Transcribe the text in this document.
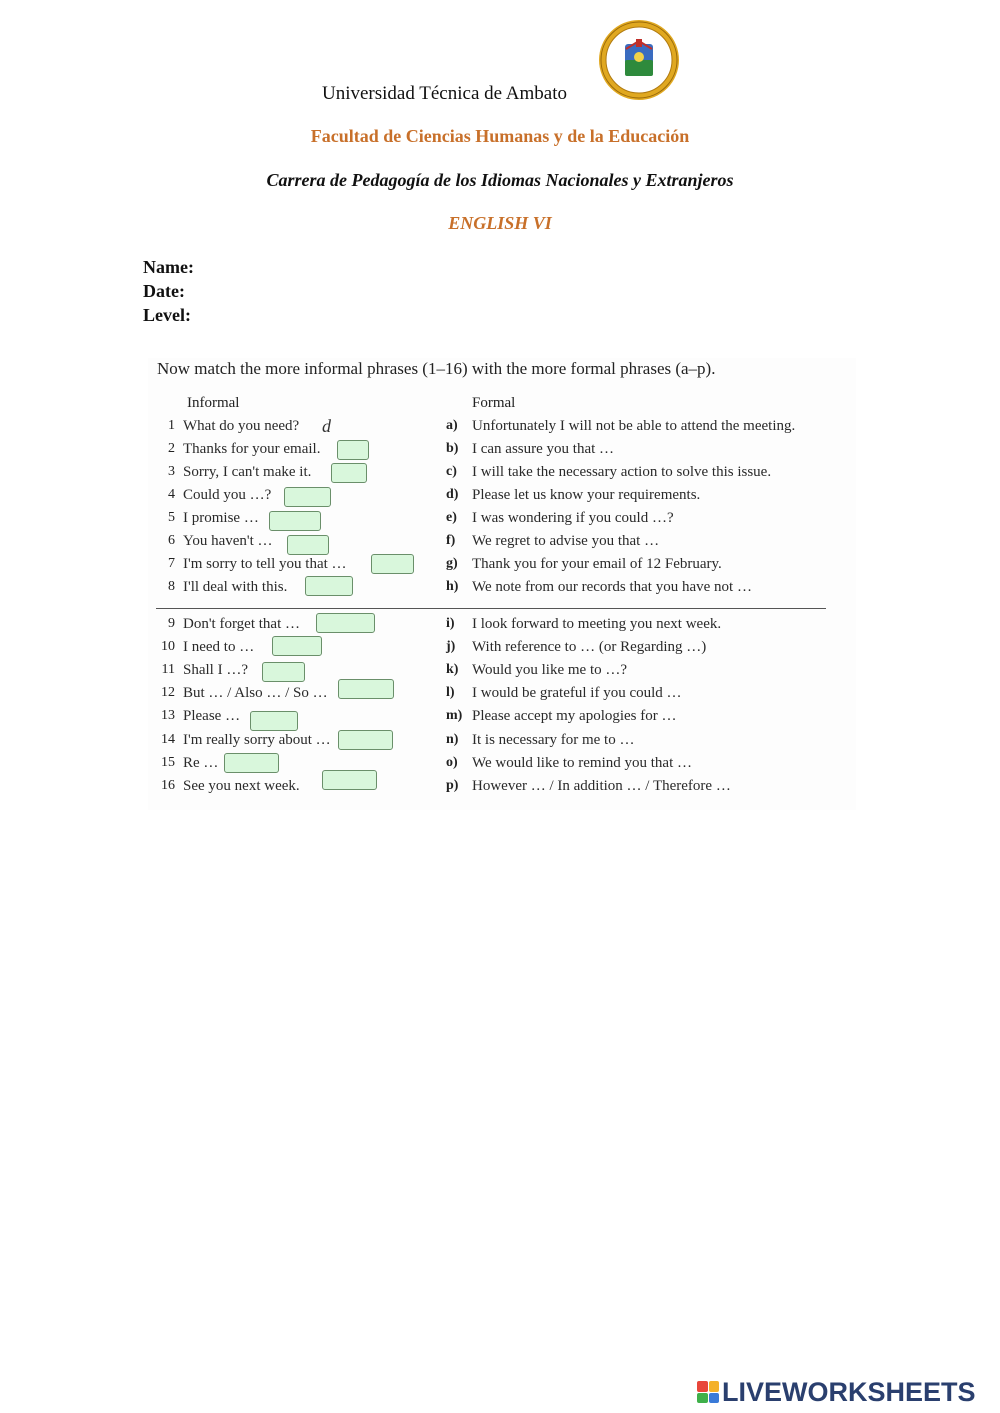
Universidad Técnica de Ambato
Facultad de Ciencias Humanas y de la Educación
Carrera de Pedagogía de los Idiomas Nacionales y Extranjeros
ENGLISH VI
Name:
Date:
Level:
Now match the more informal phrases (1–16) with the more formal phrases (a–p).
Informal	Formal
d
1 What do you need?
2 Thanks for your email.
3 Sorry, I can't make it.
4 Could you …?
5 I promise …
6 You haven't …
7 I'm sorry to tell you that …
8 I'll deal with this.
9 Don't forget that …
10 I need to …
11 Shall I …?
12 But … / Also … / So …
13 Please …
14 I'm really sorry about …
15 Re …
16 See you next week.
a) Unfortunately I will not be able to attend the meeting.
b) I can assure you that …
c) I will take the necessary action to solve this issue.
d) Please let us know your requirements.
e) I was wondering if you could …?
f) We regret to advise you that …
g) Thank you for your email of 12 February.
h) We note from our records that you have not …
i) I look forward to meeting you next week.
j) With reference to … (or Regarding …)
k) Would you like me to …?
l) I would be grateful if you could …
m) Please accept my apologies for …
n) It is necessary for me to …
o) We would like to remind you that …
p) However … / In addition … / Therefore …
LIVEWORKSHEETS
